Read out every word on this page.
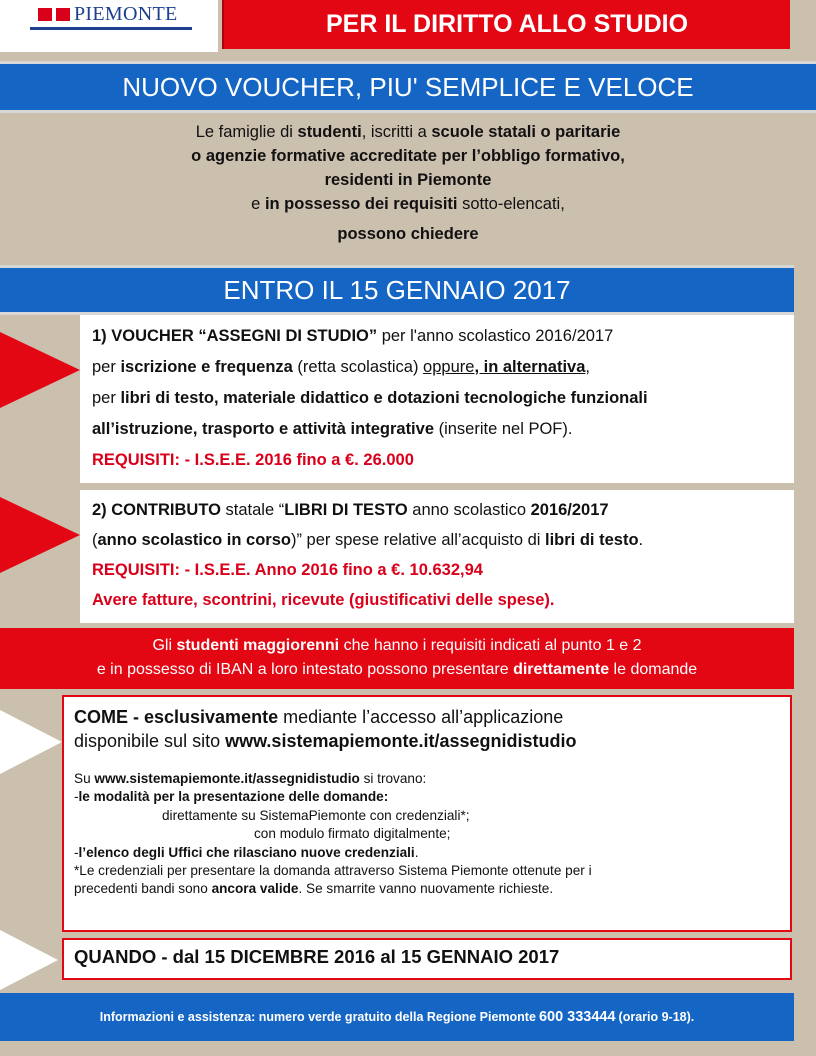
PIEMONTE	PER IL DIRITTO ALLO STUDIO
NUOVO VOUCHER, PIU' SEMPLICE E VELOCE
Le famiglie di studenti, iscritti a scuole statali o paritarie
o agenzie formative accreditate per l’obbligo formativo,
residenti in Piemonte
e in possesso dei requisiti sotto-elencati,
possono chiedere
ENTRO IL 15 GENNAIO 2017
1) VOUCHER “ASSEGNI DI STUDIO” per l'anno scolastico 2016/2017
per iscrizione e frequenza (retta scolastica) oppure, in alternativa,
per libri di testo, materiale didattico e dotazioni tecnologiche funzionali
all’istruzione, trasporto e attività integrative (inserite nel POF).
REQUISITI: - I.S.E.E. 2016 fino a €. 26.000
2) CONTRIBUTO statale “LIBRI DI TESTO anno scolastico 2016/2017
(anno scolastico in corso)” per spese relative all’acquisto di libri di testo.
REQUISITI: - I.S.E.E. Anno 2016 fino a €. 10.632,94
Avere fatture, scontrini, ricevute (giustificativi delle spese).
Gli studenti maggiorenni che hanno i requisiti indicati al punto 1 e 2
e in possesso di IBAN a loro intestato possono presentare direttamente le domande
COME - esclusivamente mediante l’accesso all’applicazione
disponibile sul sito www.sistemapiemonte.it/assegnidistudio
Su www.sistemapiemonte.it/assegnidistudio si trovano:
-le modalità per la presentazione delle domande:
direttamente su SistemaPiemonte con credenziali*;
con modulo firmato digitalmente;
-l’elenco degli Uffici che rilasciano nuove credenziali.
*Le credenziali per presentare la domanda attraverso Sistema Piemonte ottenute per i
precedenti bandi sono ancora valide. Se smarrite vanno nuovamente richieste.
QUANDO - dal 15 DICEMBRE 2016 al 15 GENNAIO 2017
Informazioni e assistenza: numero verde gratuito della Regione Piemonte 600 333444 (orario 9-18).
